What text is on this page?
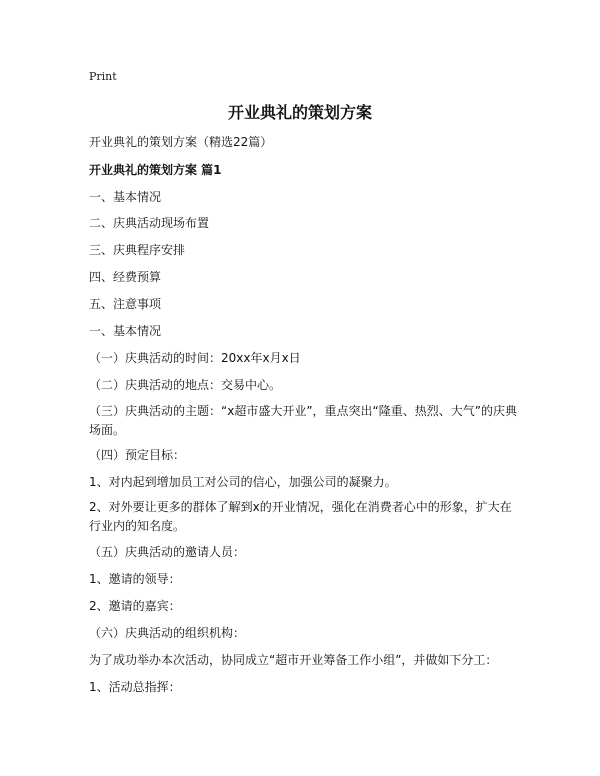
Print
开业典礼的策划方案
开业典礼的策划方案（精选22篇）
开业典礼的策划方案 篇1
一、基本情况
二、庆典活动现场布置
三、庆典程序安排
四、经费预算
五、注意事项
一、基本情况
（一）庆典活动的时间：20xx年x月x日
（二）庆典活动的地点：交易中心。
（三）庆典活动的主题：“x超市盛大开业”，重点突出“隆重、热烈、大气”的庆典场面。
（四）预定目标：
1、对内起到增加员工对公司的信心，加强公司的凝聚力。
2、对外要让更多的群体了解到x的开业情况，强化在消费者心中的形象，扩大在行业内的知名度。
（五）庆典活动的邀请人员：
1、邀请的领导：
2、邀请的嘉宾：
（六）庆典活动的组织机构：
为了成功举办本次活动，协同成立“超市开业筹备工作小组”，并做如下分工：
1、活动总指挥：
